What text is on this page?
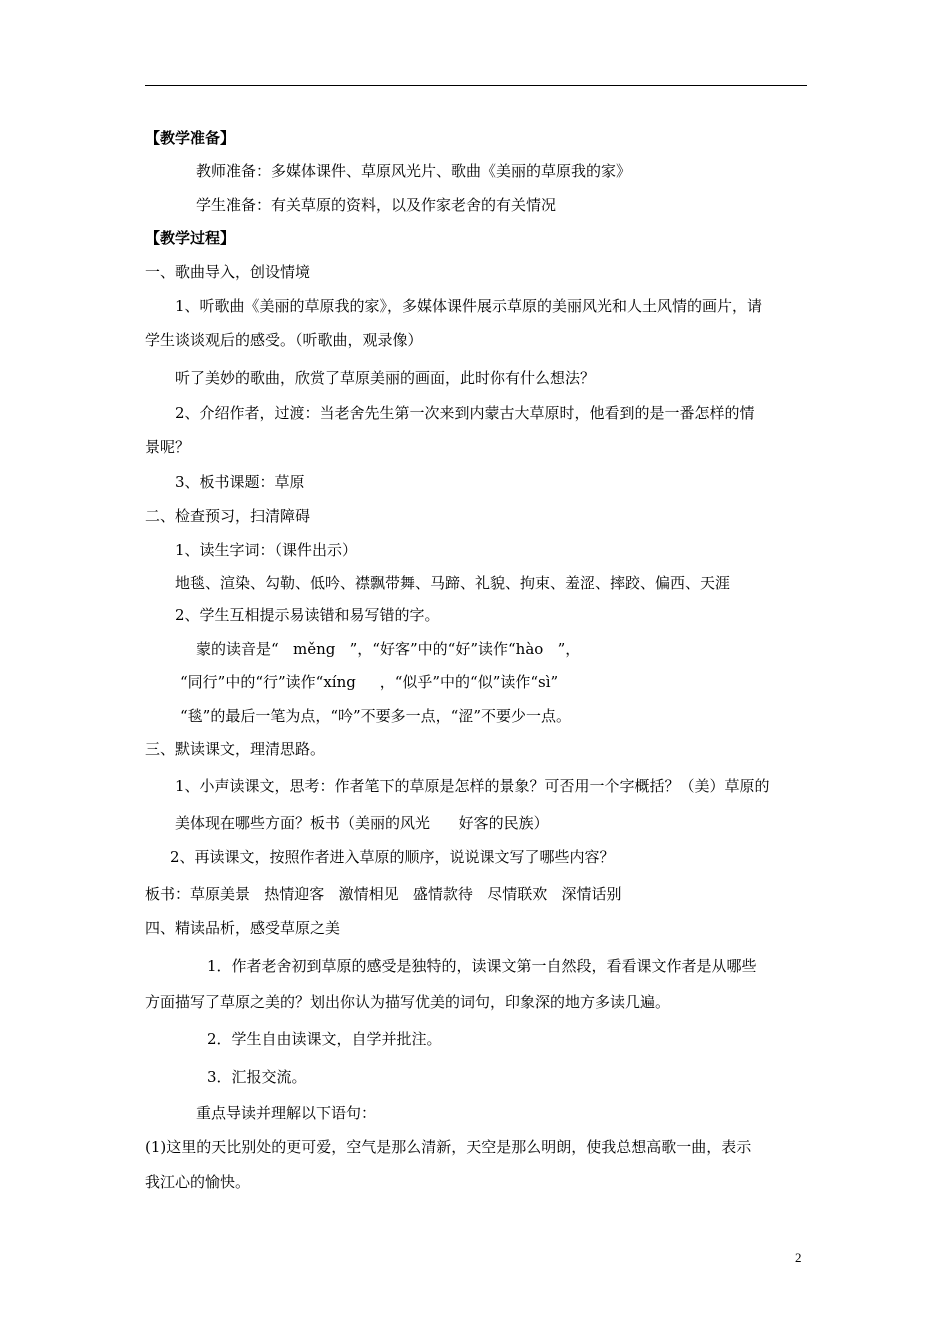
【教学准备】
教师准备：多媒体课件、草原风光片、歌曲《美丽的草原我的家》
学生准备：有关草原的资料，以及作家老舍的有关情况
【教学过程】
一、歌曲导入，创设情境
1、听歌曲《美丽的草原我的家》，多媒体课件展示草原的美丽风光和人土风情的画片，请
学生谈谈观后的感受。（听歌曲，观录像）
听了美妙的歌曲，欣赏了草原美丽的画面，此时你有什么想法？
2、介绍作者，过渡：当老舍先生第一次来到内蒙古大草原时，他看到的是一番怎样的情
景呢？
3、板书课题：草原
二、检查预习，扫清障碍
1、读生字词：（课件出示）
地毯、渲染、勾勒、低吟、襟飘带舞、马蹄、礼貌、拘束、羞涩、摔跤、偏西、天涯
2、学生互相提示易读错和易写错的字。
蒙的读音是“   měng   ”，“好客”中的“好”读作“hào   ”，
“同行”中的“行”读作“xíng     ，“似乎”中的“似”读作“sì”
“毯”的最后一笔为点，“吟”不要多一点，“涩”不要少一点。
三、默读课文，理清思路。
1、小声读课文，思考：作者笔下的草原是怎样的景象？可否用一个字概括？（美）草原的
美体现在哪些方面？板书（美丽的风光      好客的民族）
2、再读课文，按照作者进入草原的顺序，说说课文写了哪些内容？
板书：草原美景   热情迎客   激情相见   盛情款待   尽情联欢   深情话别
四、精读品析，感受草原之美
1．作者老舍初到草原的感受是独特的，读课文第一自然段，看看课文作者是从哪些
方面描写了草原之美的？划出你认为描写优美的词句，印象深的地方多读几遍。
2．学生自由读课文，自学并批注。
3．汇报交流。
重点导读并理解以下语句：
(1)这里的天比别处的更可爱，空气是那么清新，天空是那么明朗，使我总想高歌一曲，表示
我江心的愉快。
2
